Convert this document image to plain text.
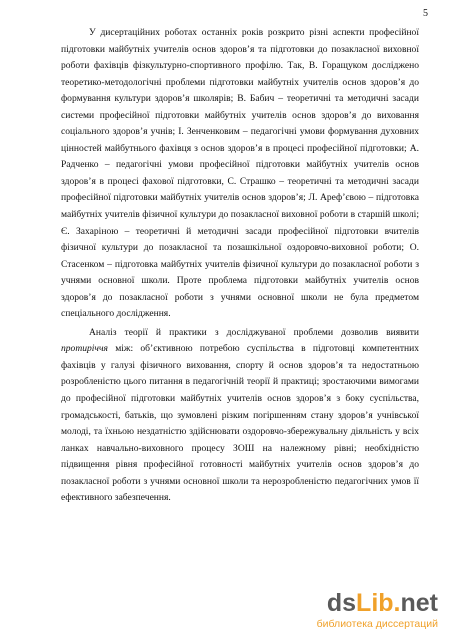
5

У дисертаційних роботах останніх років розкрито різні аспекти професійної підготовки майбутніх учителів основ здоров’я та підготовки до позакласної виховної роботи фахівців фізкультурно-спортивного профілю. Так, В. Горащуком досліджено теоретико-методологічні проблеми підготовки майбутніх учителів основ здоров’я до формування культури здоров’я школярів; В. Бабич – теоретичні та методичні засади системи професійної підготовки майбутніх учителів основ здоров’я до виховання соціального здоров’я учнів; І. Зенченковим – педагогічні умови формування духовних цінностей майбутнього фахівця з основ здоров’я в процесі професійної підготовки; А. Радченко – педагогічні умови професійної підготовки майбутніх учителів основ здоров’я в процесі фахової підготовки, С. Страшко – теоретичні та методичні засади професійної підготовки майбутніх учителів основ здоров’я; Л. Ареф’євою – підготовка майбутніх учителів фізичної культури до позакласної виховної роботи в старшій школі; Є. Захаріною – теоретичні й методичні засади професійної підготовки вчителів фізичної культури до позакласної та позашкільної оздоровчо-виховної роботи; О. Стасенком – підготовка майбутніх учителів фізичної культури до позакласної роботи з учнями основної школи. Проте проблема підготовки майбутніх учителів основ здоров’я до позакласної роботи з учнями основної школи не була предметом спеціального дослідження.

Аналіз теорії й практики з досліджуваної проблеми дозволив виявити протиріччя між: об’єктивною потребою суспільства в підготовці компетентних фахівців у галузі фізичного виховання, спорту й основ здоров’я та недостатньою розробленістю цього питання в педагогічній теорії й практиці; зростаючими вимогами до професійної підготовки майбутніх учителів основ здоров’я з боку суспільства, громадськості, батьків, що зумовлені різким погіршенням стану здоров’я учнівської молоді, та їхньою нездатністю здійснювати оздоровчо-збережувальну діяльність у всіх ланках навчально-виховного процесу ЗОШ на належному рівні; необхідністю підвищення рівня професійної готовності майбутніх учителів основ здоров’я до позакласної роботи з учнями основної школи та нерозробленістю педагогічних умов її ефективного забезпечення.

dsLib.net
библиотека диссертаций
